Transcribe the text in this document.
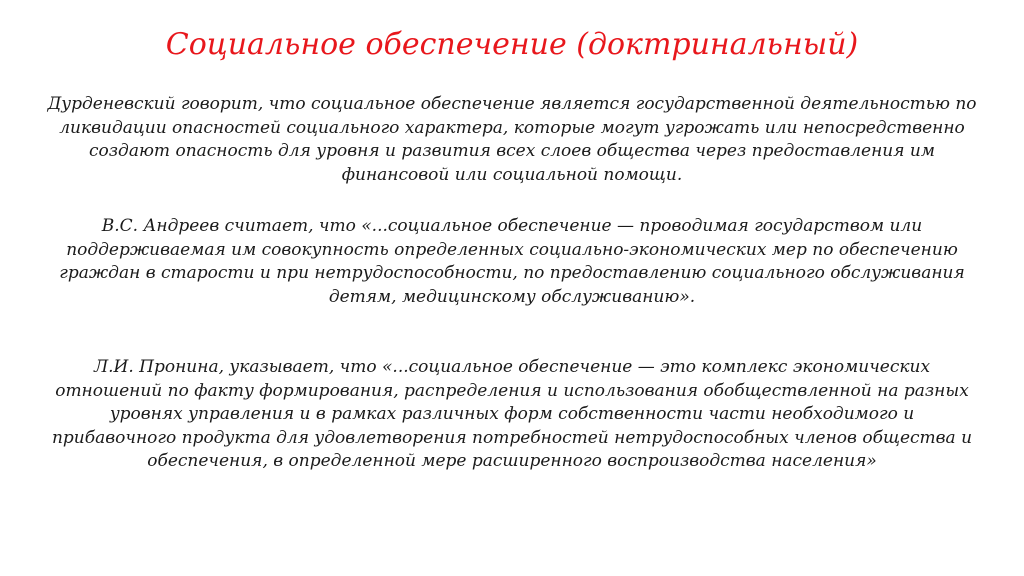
Социальное обеспечение (доктринальный)

Дурденевский говорит, что социальное обеспечение является государственной деятельностью по
ликвидации опасностей социального характера, которые могут угрожать или непосредственно
создают опасность для уровня и развития всех слоев общества через предоставления им
финансовой или социальной помощи.

В.С. Андреев считает, что «...социальное обеспечение — проводимая государством или
поддерживаемая им совокупность определенных социально-экономических мер по обеспечению
граждан в старости и при нетрудоспособности, по предоставлению социального обслуживания
детям, медицинскому обслуживанию».

Л.И. Пронина, указывает, что «...социальное обеспечение — это комплекс экономических
отношений по факту формирования, распределения и использования обобществленной на разных
уровнях управления и в рамках различных форм собственности части необходимого и
прибавочного продукта для удовлетворения потребностей нетрудоспособных членов общества и
обеспечения, в определенной мере расширенного воспроизводства населения»
